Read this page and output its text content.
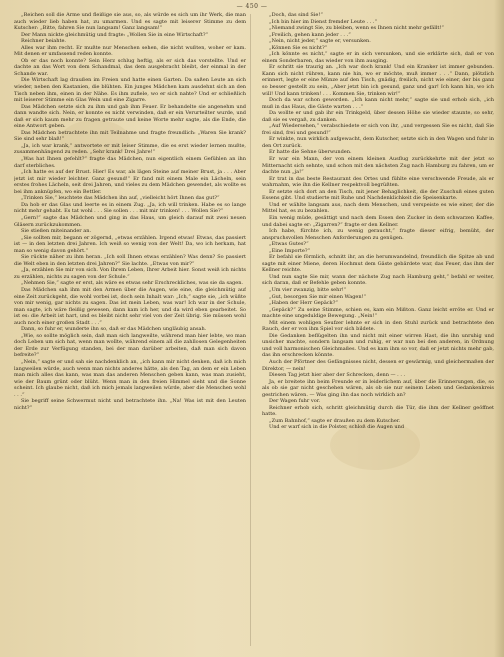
— 450 —

„Reichen soll die Arme und fleißige sie aus, so, als würde es sich um ihr Werk, die man auch wieder lieb haben hat, zu umarmen. Und es sagte mit leiserer Stimme zu dem Kutscher: „Bitte, fahren Sie nun langsam! Ganz langsam!“

Der Mann nickte gleichmütig und fragte: „Wollen Sie in eine Wirtschaft?“

Reichner beiahte.

Alles war ihm recht. Er mußte nur Menschen sehen, die nicht wußten, woher er kam. Mit denen er umfassend reden konnte.

Ob er das noch konnte? Sein Herz schlug heftig, als er sich das vorstellte. Und er dachte an das Wort von dem Schandmal, das dem ausgebracht bleibt, der einmal in der Schande war.

Die Wirtschaft lag draußen im Freien und hatte einen Garten. Da saßen Leute an sich wieder, neben den Kastanien, die blühten. Ein junges Mädchen kam ausdehnt sich an den Tisch neben ihm, einen in der Nähe. Es ihm zufiele, wo er sich nahte? Und er schließlich mit leiserer Stimme ein Glas Wein und eine Zigarre.

Das Mädchen setzte sich zu ihm und gab ihm Feuer. Er behandelte sie angenehm und dann wandte sich. Nein, er konnte es nicht verwinden, daß er ein Verurteilter wurde, und daß er sich kaum mehr zu fragen getraute und keine Worte mehr sagte, als die Ende, die eine Antwort geben.

Das Mädchen betrachtete ihn mit Teilnahme und fragte freundlich: „Waren Sie krank? Sie sind sehr blaß!“

„Ja, ich war krank,“ antwortete er mit leiser Stimme, die es erst wieder lernen mußte, zusammenhängend zu reden. „Sehr krank! Drei Jahre!“

„Was hat Ihnen gefehlt?“ fragte das Mädchen, nun eigentlich einem Gefühlen an ihn darf sterbliches.

„Ich hatte es auf der Brust. Hier! Es war, als lägen Steine auf meiner Brust, ja . . . Aber jetzt ist mir wieder leichter. Ganz gesund!“ Er fand mit einem Male ein Lächeln, sein erstes frohes Lächeln, seit drei Jahren, und vieles zu dem Mädchen gewendet, als wollte es bei ihm anknüpfen, wo ein Bettler.

„Trinken Sie,“ leuchtete das Mädchen ihn auf, „vielleicht hört Ihnen das gut?“

Da hob er das Glas und leerte es in einem Zug. „Ja, ich will trinken. Habe es so lange nicht mehr gehabt. Es tat wohl . . . Sie sollen . . . mit mir trinken! . . . Wollen Sie?“

„Gern!“ sagte das Mädchen und ging in das Haus, um gleich darauf mit zwei neuen Gläsern zurückzukommen.

Sie stießen miteinander an.

„Sie sollten mir, begann er zögernd, „etwas erzählen. Irgend etwas! Etwas, das passiert ist — in den letzten drei Jahren. Ich weiß so wenig von der Welt! Da, wo ich herkam, hat man so wenig davon gehört.“

Sie rückte näher zu ihm heran. „Ich soll Ihnen etwas erzählen? Was denn? So passiert die Welt eben in den letzten drei Jahren?“ Sie lachte. „Etwas von mir?“

„Ja, erzählen Sie mir von sich. Von Ihrem Leben, Ihrer Arbeit hier. Sonst weiß ich nichts zu erzählen, nichts zu sagen von der Schule.“

„Nehmen Sie,“ sagte er erst, als wäre es etwas sehr Erschreckliches, was sie da sagen.

Das Mädchen sah ihm mit den Armen über die Augen, wie eine, die gleichmütig auf eine Zeit zurückgeht, die wohl vorbei ist, doch sein Inhalt war: „Ich,“ sagte sie, „ich wüßte von mir wenig, gar nichts zu sagen. Das ist mein Leben, was war! Ich war in der Schule, man sagte, ich wäre fleißig gewesen, dann kam ich her, und da wird eben gearbeitet. So ist es: die Arbeit ist hart, und es bleibt nicht sehr viel von der Zeit übrig. Sie müssen wohl auch noch einer großen Stadt . . .“

Dann, so fuhr er, wunderte ihn so, daß er das Mädchen ungläubig ansah.

„Wie, so sollte möglich sein, daß man sich langweilte, während man hier lebte, wo man doch Leben um sich hat, wenn man wollte, während einem all die zahllosen Gelegenheiten der Erde zur Verfügung standen, bei der man darüber arbeiten, daß man sich davon befreite?“

„Nein,“ sagte er und sah sie nachdenklich an, „ich kann mir nicht denken, daß ich mich langweilen würde, auch wenn man nichts anderes hätte, als den Tag, an dem er ein Leben man mich alles das kann, was man das anderen Menschen geben kann, was man zusieht, wie der Baum grünt oder blüht. Wenn man in den freien Himmel sieht und die Sonne scheint. Ich glaube nicht, daß ich mich jemals langweilen würde, aber die Menschen wohl . . .“

Sie begriff seine Schwermut nicht und betrachtete ihn. „Na! Was ist mit den Leuten nicht?“

„Doch, das sind Sie!“

„Ich bin hier im Dienst fremder Leute . . .“

„Niemand zwingt Sie, zu bleiben, wenn es Ihnen nicht mehr gefällt!“

„Freilich, gehen kann jeder . . .“

„Nein, nicht jeder,“ sagte er, versunken.

„Können Sie es nicht?“

„Ich könnte es nicht,“ sagte er in sich versunken, und sie erklärte sich, daß er von einem Sonderbaren, das wieder von ihm ausging.

Er schritt sie traurig an. „Ich war doch krank! Und ein Kranker ist immer gebunden. Kann sich nicht rühren, kann nie hin, wo er möchte, muß immer . . .“ Dann, plötzlich erinnert, legte er eine Münze auf den Tisch, gnädig, freilich, nicht wie einer, der bis ganz so besser gestellt zu sein, „Aber jetzt bin ich gesund, ganz und gar! Ich kann hin, wo ich will! Und kann trinken! . . . Kommen Sie, trinken wir!“

Doch da war schon geworden. „Ich kann nicht mehr,“ sagte sie und erhob sich, „ich muß in das Haus, die Gäste warten . . .“

Da wollte er und gab ihr ein Trinkgeld, über dessen Höhe sie wieder staunte, so sehr, daß sie es vergaß, zu danken.

„Auf Wiedersehen,“ verabschiedete er sich von ihr, „und vergessen Sie es nicht, daß Sie frei sind, frei und gesund!“

Er winkte, nun wirklich aufgewacht, dem Kutscher, setzte sich in den Wagen und fuhr in den Ort zurück.

Er hatte die Sehne überwunden.

Er war ein Mann, der von einem kleinen Ausflug zurückkehrte mit der jetzt so Mitternacht sich sehnte, und schon mit den nächsten Zug nach Hamburg zu fahren, um er dachte nun „ja!“

Er trat in das beste Restaurant des Ortes und fühlte eine verschwende Freude, als er wahrnahm, wie ihn die Kellner respektvoll begrüßten.

Er setzte sich dort an den Tisch, mit jener Behaglichkeit, die der Zuschuß eines guten Essens gibt. Und studierte mit Ruhe und Nachdenklichkeit die Speisenkarte.

Und er wählte langsam aus, nach dem Menschen, und verspeiste es wie einer, der die Mittel hat, es zu bezahlen.

Ein wenig müde, gesättigt und nach dem Essen den Zucker in dem schwarzen Kaffee, und dabei sagte er: „Zigarren?“ fragte er den Kellner.

Ich habe, fürchte ich, zu wenig geraucht,“ fragte dieser eifrig, bemüht, der anspruchsvollen Menschen Anforderungen zu genügen.

„Etwas Gutes?“

„Eine Importe?“

Er befahl sie förmlich, schnitt ihr, an die herumwandelnd, freundlich die Spitze ab und sagte mit einer Miene, deren Hochmut dem Gäste gebärdete war, das Feuer, das ihm der Kellner reichte.

Und nun sagte Sie mir, wann der nächste Zug nach Hamburg geht,“ befahl er weiter, sich daran, daß er Befehle geben konnte.

„Um vier zwanzig, bitte sehr!“

„Gut, besorgen Sie mir einen Wagen!“

„Haben der Herr Gepäck?“

„Gepäck?“ Zu seine Stimme, schien es, kam ein Mißton. Ganz leicht erröte er. Und er machte eine ungeduldige Bewegung. „Nein!“

Mit einem wohligen Seufzer lehnte er sich in den Stuhl zurück und betrachtete den Rauch, der er von ihm Spiel vor sich bildete.

Die Gedanken beflügelten ihn und nicht mit einer wirren Hast, die ihn unruhig und unsicher machte, sondern langsam und ruhig, er war nun bei den anderen, in Ordnung und voll harmonischen Gleichmaßes. Und es kam ihm so vor, daß er jetzt nichts mehr gab, das ihn erschrecken könnte.

Auch der Pförtner des Gefängnisses nicht, dessen er gewärmig, und gleichermaßen der Direktor, — nein!

Diesen Tag jetzt hier aber der Schrecken, denn — . . .

Ja, er breitete ihn beim Freunde er in leiderlichem auf, über die Erinnerungen, die, so als ob sie gar nicht geschehen wären, als ob sie nur seinem Leben und Gedankenkreis gestrichen wären. — Was ging ihn das noch wirklich an?

Der Wagen fuhr vor.

Reichner erhob sich, schritt gleichmütig durch die Tür, die ihm der Kellner geöffnet hatte.

„Zum Bahnhof,“ sagte er draußen zu dem Kutscher.

Und er warf sich in die Polster, schloß die Augen und
